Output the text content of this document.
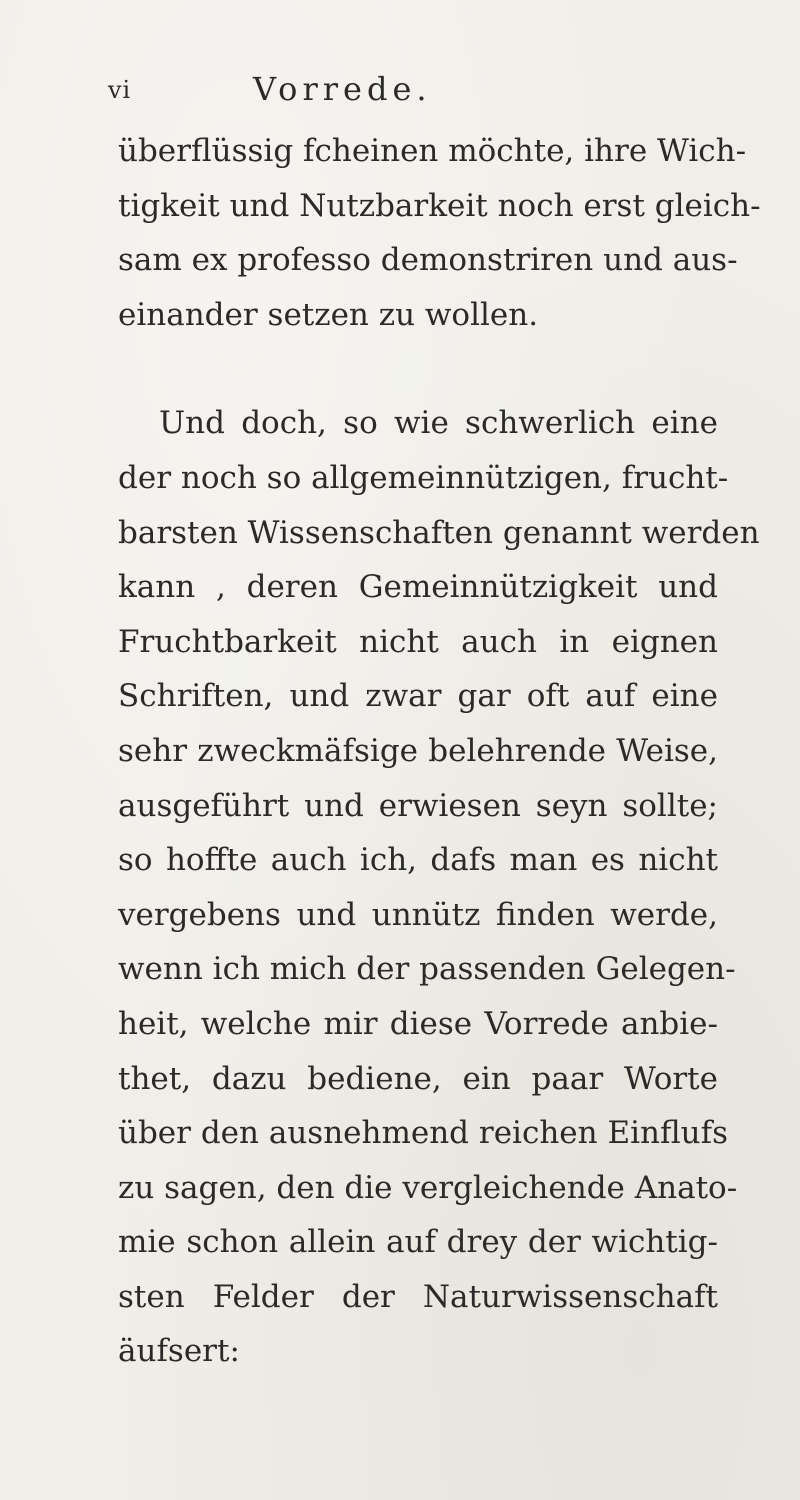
vi	Vorrede.
überflüssig fcheinen möchte, ihre Wich-
tigkeit und Nutzbarkeit noch erst gleich-
sam ex professo demonstriren und aus-
einander setzen zu wollen.
Und doch, so wie schwerlich eine
der noch so allgemeinnützigen, frucht-
barsten Wissenschaften genannt werden
kann , deren Gemeinnützigkeit und
Fruchtbarkeit nicht auch in eignen
Schriften, und zwar gar oft auf eine
sehr zweckmäfsige belehrende Weise,
ausgeführt und erwiesen seyn sollte;
so hoffte auch ich, dafs man es nicht
vergebens und unnütz finden werde,
wenn ich mich der passenden Gelegen-
heit, welche mir diese Vorrede anbie-
thet, dazu bediene, ein paar Worte
über den ausnehmend reichen Einflufs
zu sagen, den die vergleichende Anato-
mie schon allein auf drey der wichtig-
sten Felder der Naturwissenschaft
äufsert:
